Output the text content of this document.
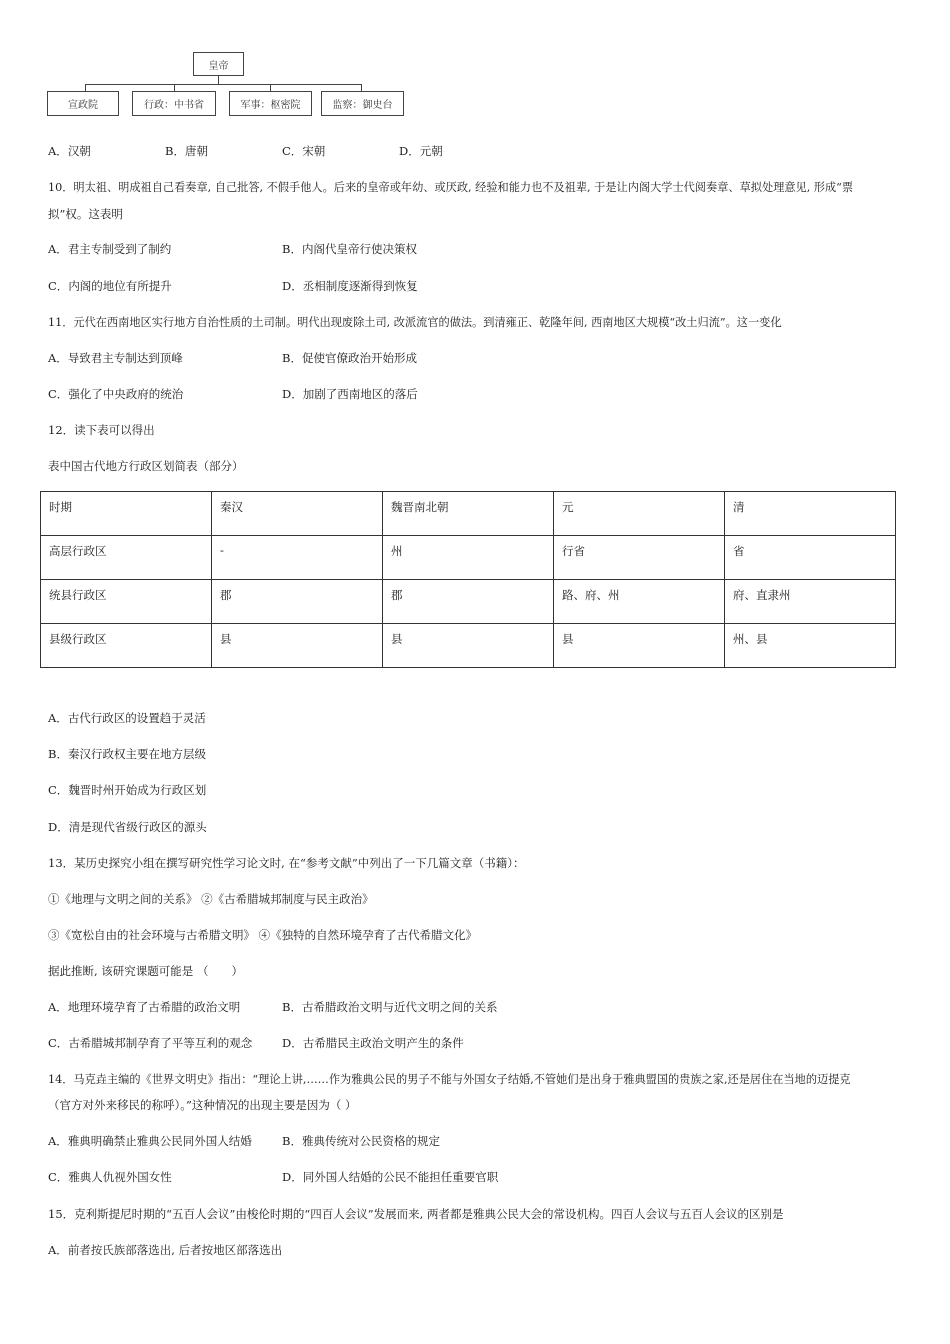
皇帝
宣政院	行政：中书省	军事：枢密院	监察：御史台
A．汉朝	B．唐朝	C．宋朝	D．元朝
10．明太祖、明成祖自己看奏章, 自己批答, 不假手他人。后来的皇帝或年幼、或厌政, 经验和能力也不及祖辈, 于是让内阁大学士代阅奏章、草拟处理意见, 形成“票
拟”权。这表明
A．君主专制受到了制约	B．内阁代皇帝行使决策权
C．内阁的地位有所提升	D．丞相制度逐渐得到恢复
11．元代在西南地区实行地方自治性质的土司制。明代出现废除土司, 改派流官的做法。到清雍正、乾隆年间, 西南地区大规模“改土归流”。这一变化
A．导致君主专制达到顶峰	B．促使官僚政治开始形成
C．强化了中央政府的统治	D．加剧了西南地区的落后
12．读下表可以得出
表中国古代地方行政区划简表（部分）
时期	秦汉	魏晋南北朝	元	清
高层行政区	-	州	行省	省
统县行政区	郡	郡	路、府、州	府、直隶州
县级行政区	县	县	县	州、县
A．古代行政区的设置趋于灵活
B．秦汉行政权主要在地方层级
C．魏晋时州开始成为行政区划
D．清是现代省级行政区的源头
13．某历史探究小组在撰写研究性学习论文时, 在“参考文献”中列出了一下几篇文章（书籍）：
①《地理与文明之间的关系》 ②《古希腊城邦制度与民主政治》
③《宽松自由的社会环境与古希腊文明》 ④《独特的自然环境孕育了古代希腊文化》
据此推断, 该研究课题可能是 （　　）
A．地理环境孕育了古希腊的政治文明	B．古希腊政治文明与近代文明之间的关系
C．古希腊城邦制孕育了平等互利的观念	D．古希腊民主政治文明产生的条件
14．马克垚主编的《世界文明史》指出：“理论上讲,……作为雅典公民的男子不能与外国女子结婚,不管她们是出身于雅典盟国的贵族之家,还是居住在当地的迈提克
（官方对外来移民的称呼）。”这种情况的出现主要是因为（ ）
A．雅典明确禁止雅典公民同外国人结婚	B．雅典传统对公民资格的规定
C．雅典人仇视外国女性	D．同外国人结婚的公民不能担任重要官职
15．克利斯提尼时期的“五百人会议”由梭伦时期的“四百人会议”发展而来, 两者都是雅典公民大会的常设机构。四百人会议与五百人会议的区别是
A．前者按氏族部落选出, 后者按地区部落选出
